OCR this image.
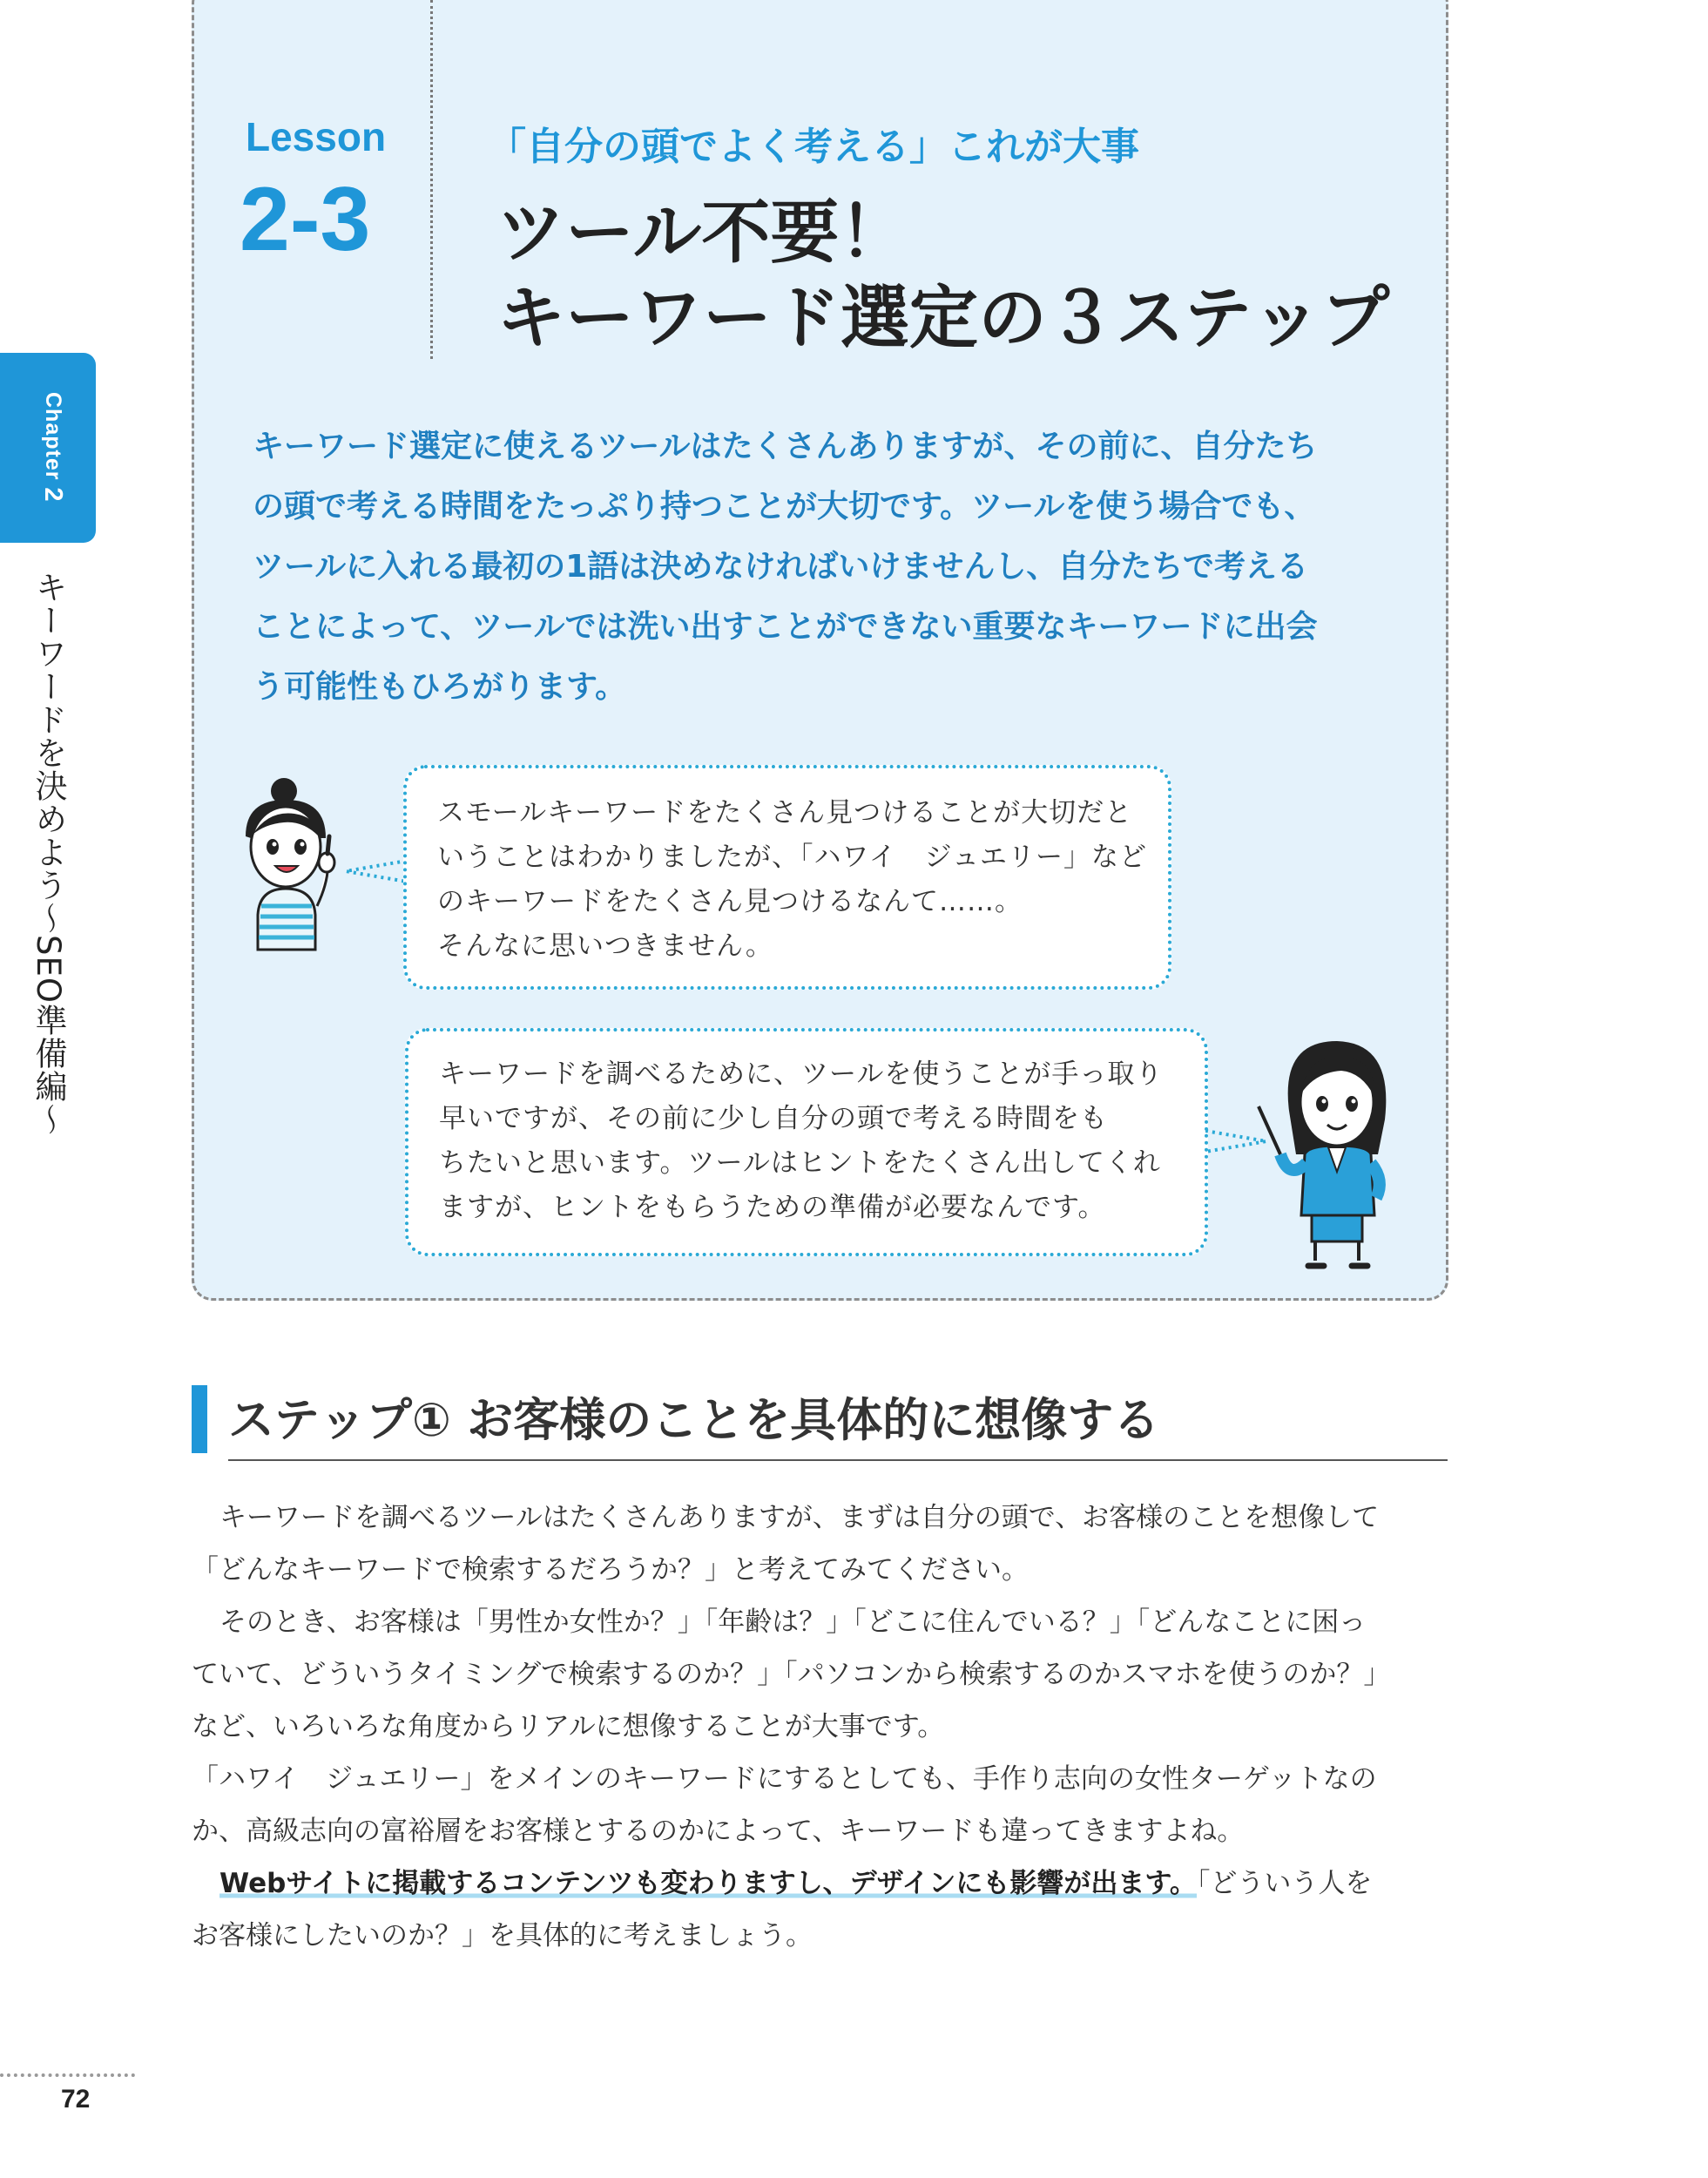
Chapter 2
キーワードを決めよう〜SEO準備編〜
Lesson
2-3
「自分の頭でよく考える」これが大事
ツール不要！
キーワード選定の３ステップ
キーワード選定に使えるツールはたくさんありますが、その前に、自分たち
の頭で考える時間をたっぷり持つことが大切です。ツールを使う場合でも、
ツールに入れる最初の1語は決めなければいけませんし、自分たちで考える
ことによって、ツールでは洗い出すことができない重要なキーワードに出会
う可能性もひろがります。
スモールキーワードをたくさん見つけることが大切だと
いうことはわかりましたが、「ハワイ　ジュエリー」など
のキーワードをたくさん見つけるなんて……。
そんなに思いつきません。
キーワードを調べるために、ツールを使うことが手っ取り
早いですが、その前に少し自分の頭で考える時間をも
ちたいと思います。ツールはヒントをたくさん出してくれ
ますが、ヒントをもらうための準備が必要なんです。
ステップ① お客様のことを具体的に想像する

キーワードを調べるツールはたくさんありますが、まずは自分の頭で、お客様のことを想像して

「どんなキーワードで検索するだろうか？」と考えてみてください。

そのとき、お客様は「男性か女性か？」「年齢は？」「どこに住んでいる？」「どんなことに困っ

ていて、どういうタイミングで検索するのか？」「パソコンから検索するのかスマホを使うのか？」

など、いろいろな角度からリアルに想像することが大事です。

「ハワイ　ジュエリー」をメインのキーワードにするとしても、手作り志向の女性ターゲットなの

か、高級志向の富裕層をお客様とするのかによって、キーワードも違ってきますよね。

Webサイトに掲載するコンテンツも変わりますし、デザインにも影響が出ます。「どういう人を

お客様にしたいのか？」を具体的に考えましょう。

72
